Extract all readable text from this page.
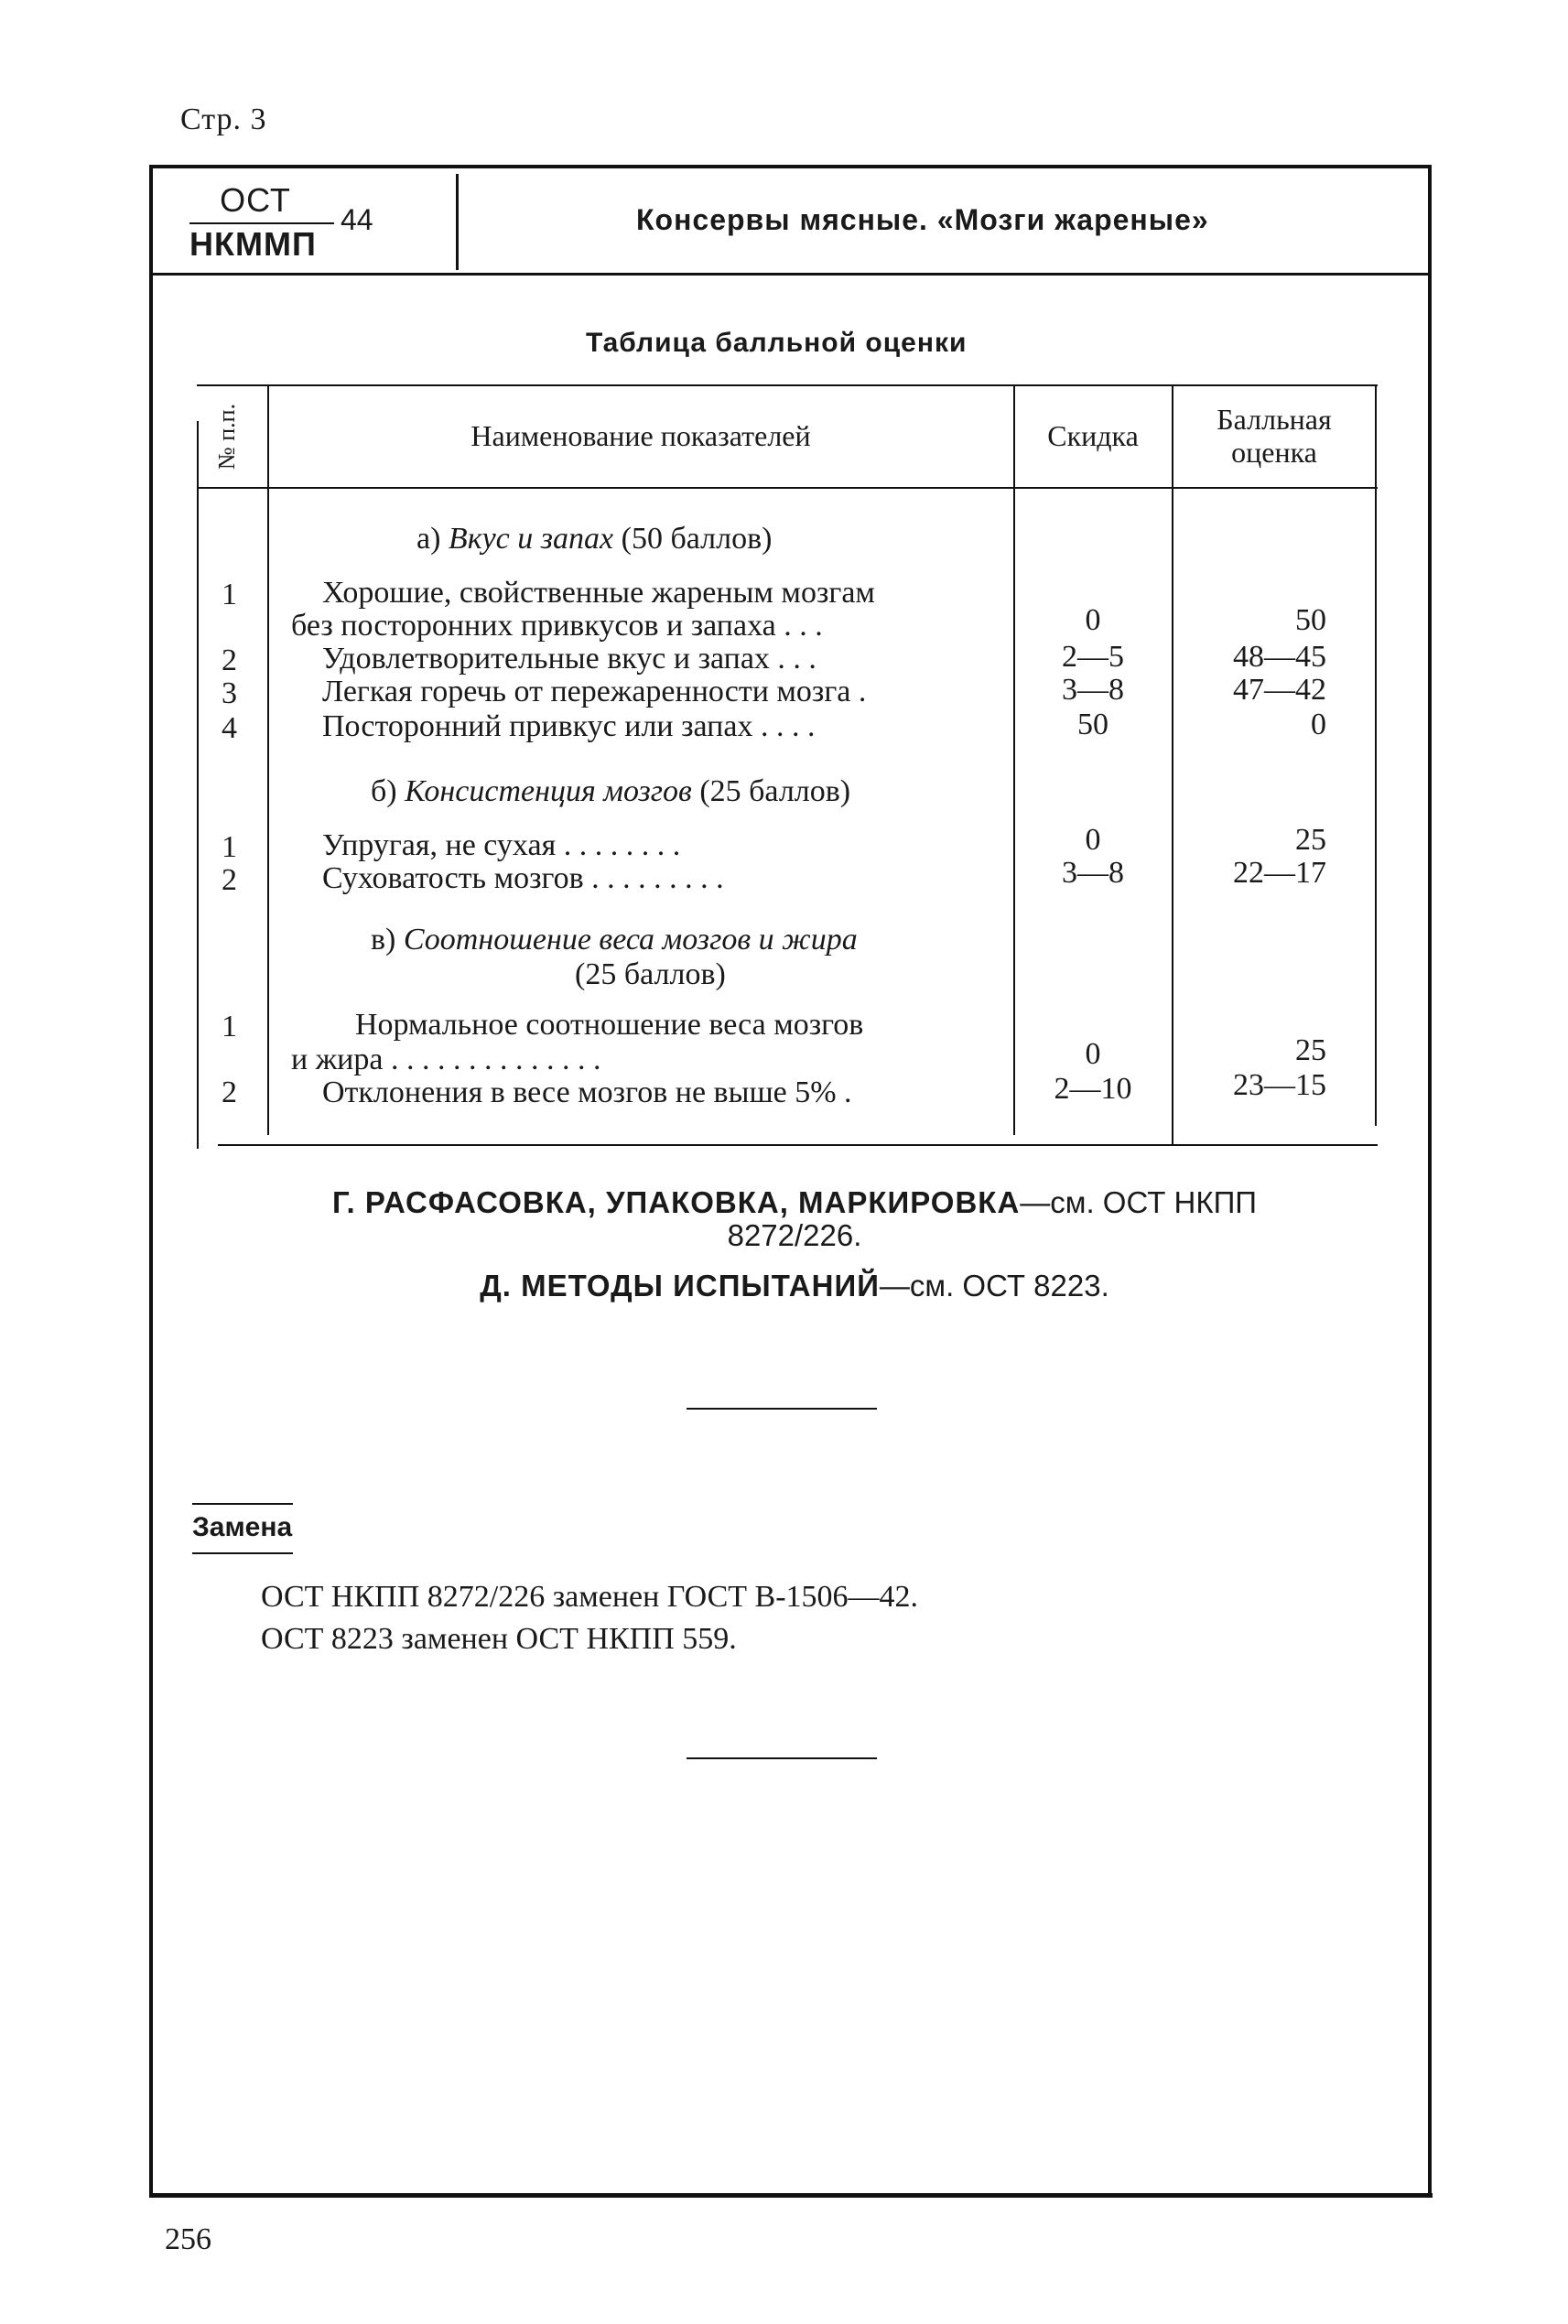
Стр. 3
ОСТ
НКММП
44	Консервы мясные. «Мозги жареные»
Таблица балльной оценки
№ п.п.	Наименование показателей	Скидка	Балльная
оценка
а) Вкус и запах (50 баллов)
1	Хорошие, свойственные жареным мозгам
без посторонних привкусов и запаха . . .	0	50
2	Удовлетворительные вкус и запах . . .	2—5	48—45
3	Легкая горечь от пережаренности мозга .	3—8	47—42
4	Посторонний привкус или запах . . . .	50	0
б) Консистенция мозгов (25 баллов)
1	Упругая, не сухая . . . . . . . .	0	25
2	Суховатость мозгов . . . . . . . . .	3—8	22—17
в) Соотношение веса мозгов и жира
(25 баллов)
1	Нормальное соотношение веса мозгов
и жира . . . . . . . . . . . . . .	0	25
2	Отклонения в весе мозгов не выше 5% .	2—10	23—15
Г. РАСФАСОВКА, УПАКОВКА, МАРКИРОВКА—см. ОСТ НКПП
8272/226.
Д. МЕТОДЫ ИСПЫТАНИЙ—см. ОСТ 8223.
Замена
ОСТ НКПП 8272/226 заменен ГОСТ В-1506—42.
ОСТ 8223 заменен ОСТ НКПП 559.
256
